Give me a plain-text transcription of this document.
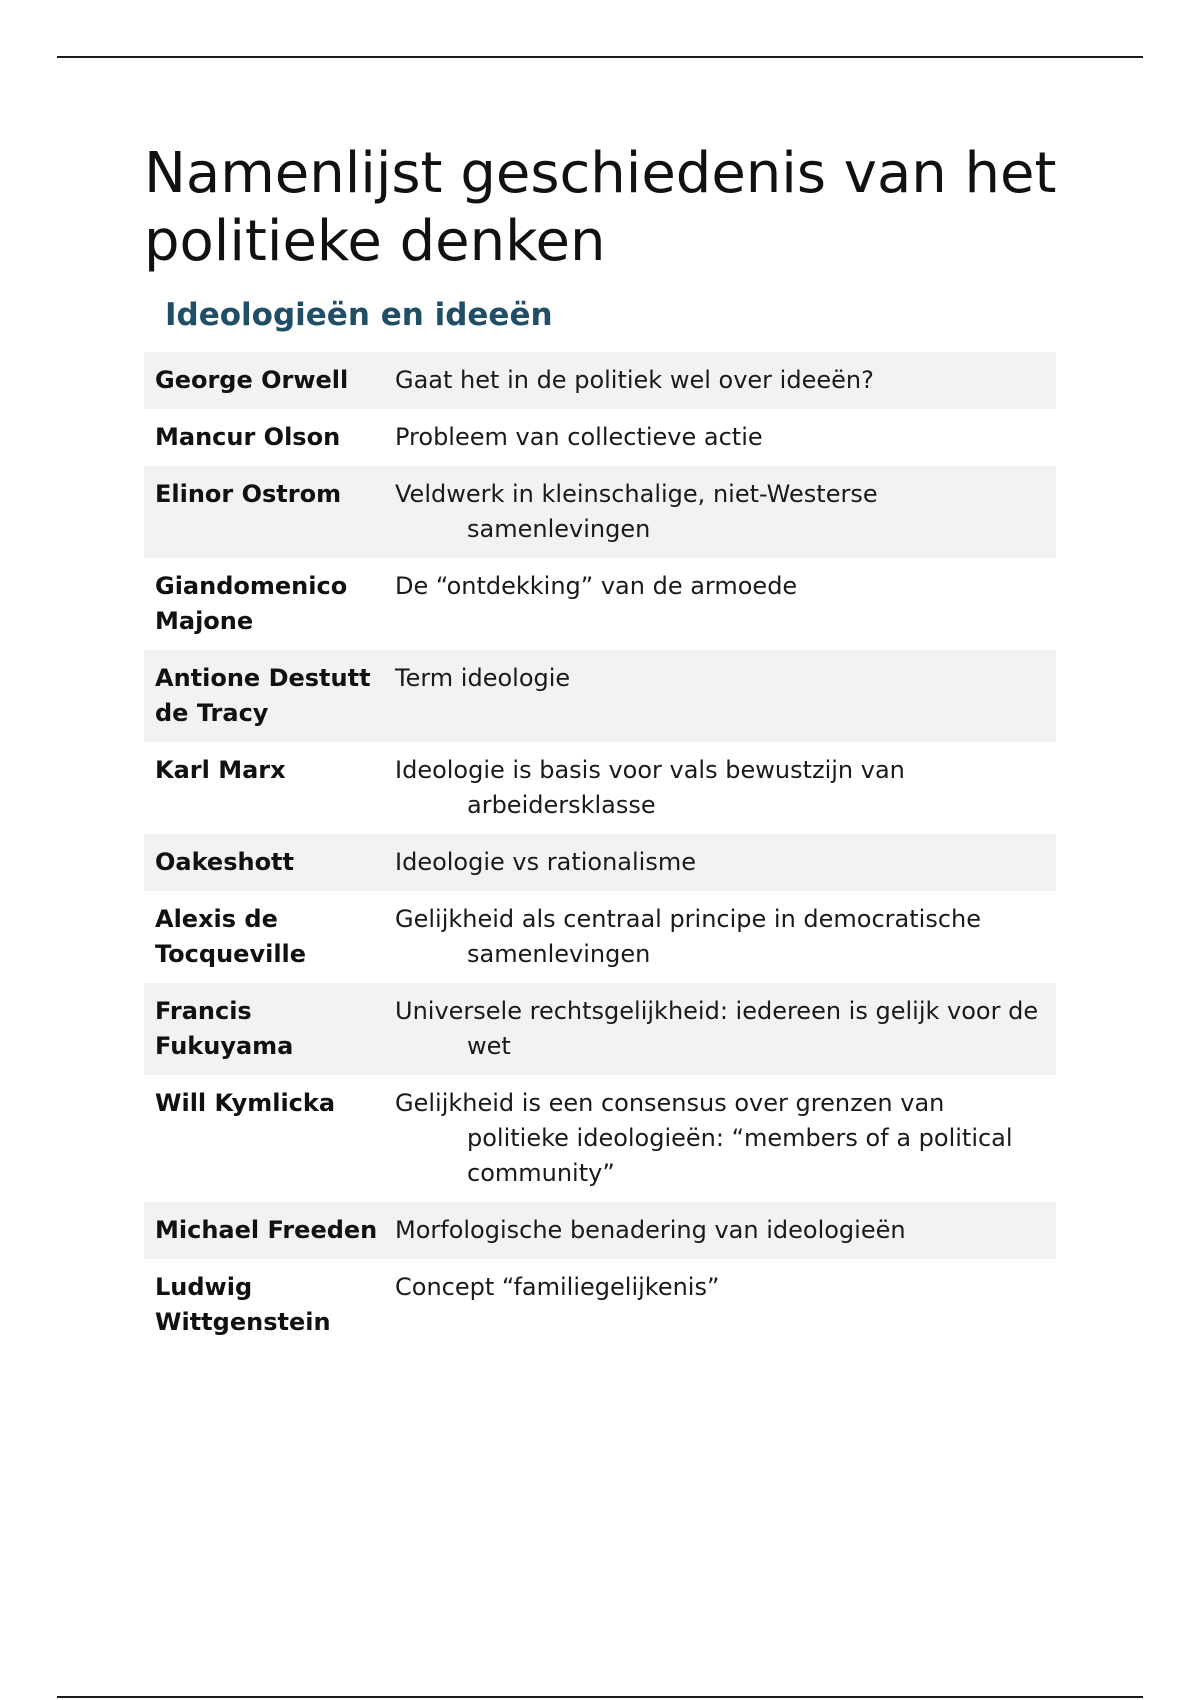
Namenlijst geschiedenis van het politieke denken
Ideologieën en ideeën
George Orwell	Gaat het in de politiek wel over ideeën?

Mancur Olson	Probleem van collectieve actie

Elinor Ostrom	Veldwerk in kleinschalige, niet-Westerse samenlevingen

Giandomenico Majone	De “ontdekking” van de armoede

Antione Destutt de Tracy	Term ideologie

Karl Marx	Ideologie is basis voor vals bewustzijn van arbeidersklasse

Oakeshott	Ideologie vs rationalisme

Alexis de Tocqueville	Gelijkheid als centraal principe in democratische samenlevingen

Francis Fukuyama	Universele rechtsgelijkheid: iedereen is gelijk voor de wet

Will Kymlicka	Gelijkheid is een consensus over grenzen van politieke ideologieën: “members of a political community”

Michael Freeden	Morfologische benadering van ideologieën

Ludwig Wittgenstein	Concept “familiegelijkenis”
